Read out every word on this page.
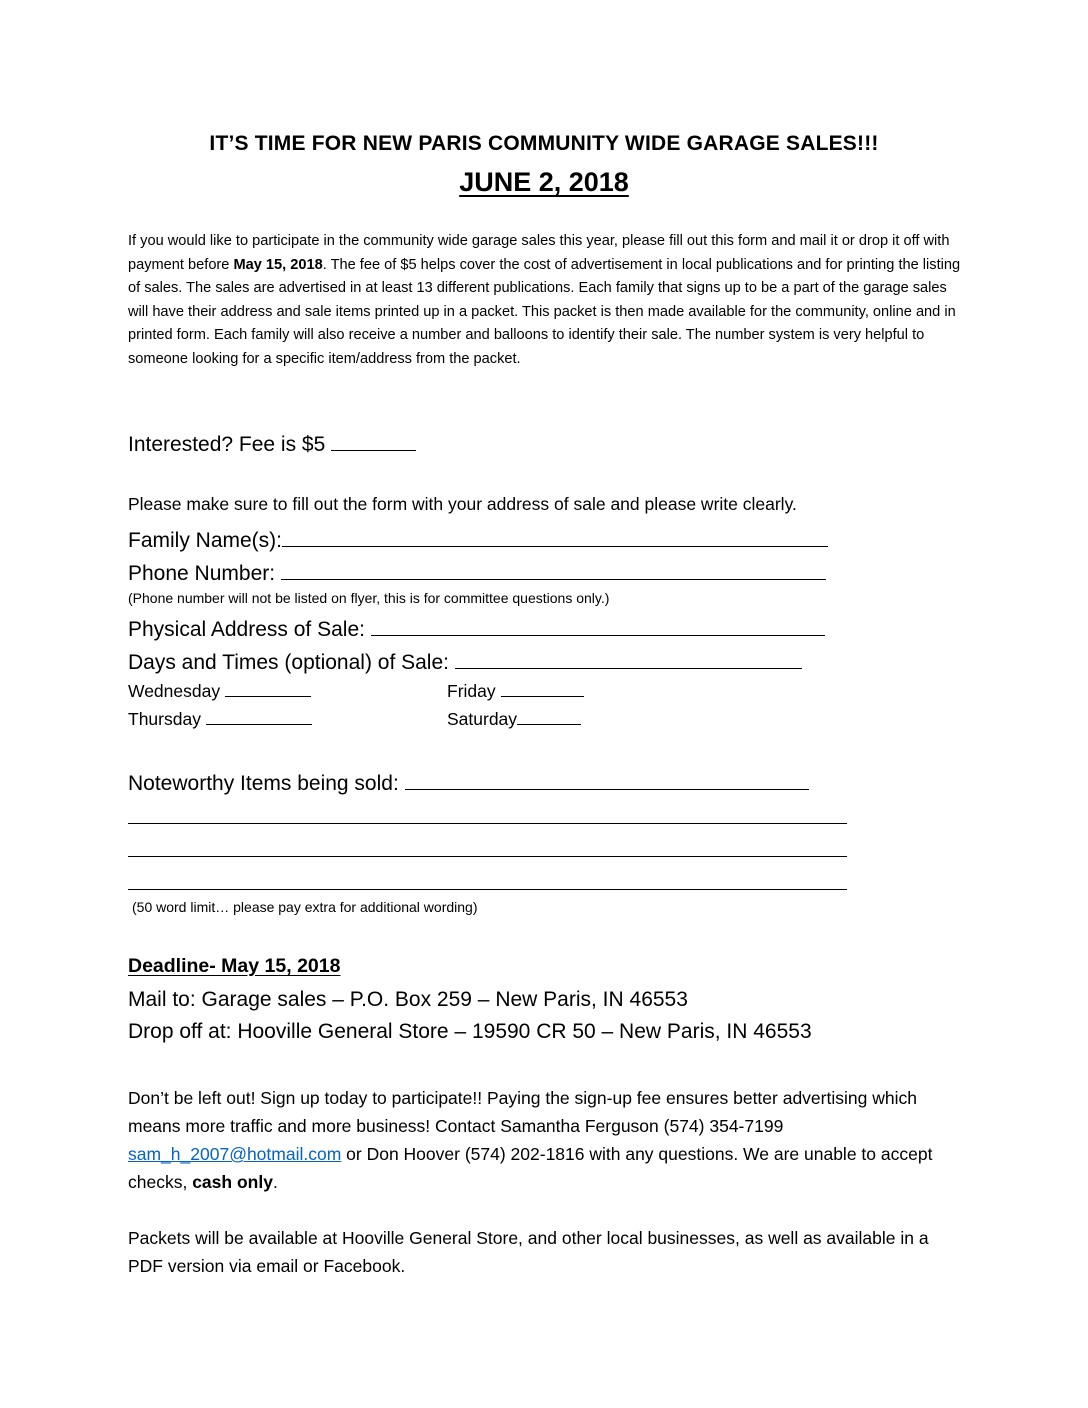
IT’S TIME FOR NEW PARIS COMMUNITY WIDE GARAGE SALES!!!
JUNE 2, 2018
If you would like to participate in the community wide garage sales this year, please fill out this form and mail it or drop it off with payment before May 15, 2018. The fee of $5 helps cover the cost of advertisement in local publications and for printing the listing of sales. The sales are advertised in at least 13 different publications. Each family that signs up to be a part of the garage sales will have their address and sale items printed up in a packet. This packet is then made available for the community, online and in printed form. Each family will also receive a number and balloons to identify their sale. The number system is very helpful to someone looking for a specific item/address from the packet.
Interested? Fee is $5
Please make sure to fill out the form with your address of sale and please write clearly.
Family Name(s):
Phone Number:
(Phone number will not be listed on flyer, this is for committee questions only.)
Physical Address of Sale:
Days and Times (optional) of Sale:
Wednesday	Friday
Thursday	Saturday
Noteworthy Items being sold:
(50 word limit… please pay extra for additional wording)
Deadline- May 15, 2018
Mail to: Garage sales – P.O. Box 259 – New Paris, IN 46553
Drop off at: Hooville General Store – 19590 CR 50 – New Paris, IN 46553
Don’t be left out! Sign up today to participate!! Paying the sign-up fee ensures better advertising which means more traffic and more business! Contact Samantha Ferguson (574) 354-7199 sam_h_2007@hotmail.com or Don Hoover (574) 202-1816 with any questions. We are unable to accept checks, cash only.
Packets will be available at Hooville General Store, and other local businesses, as well as available in a PDF version via email or Facebook.
